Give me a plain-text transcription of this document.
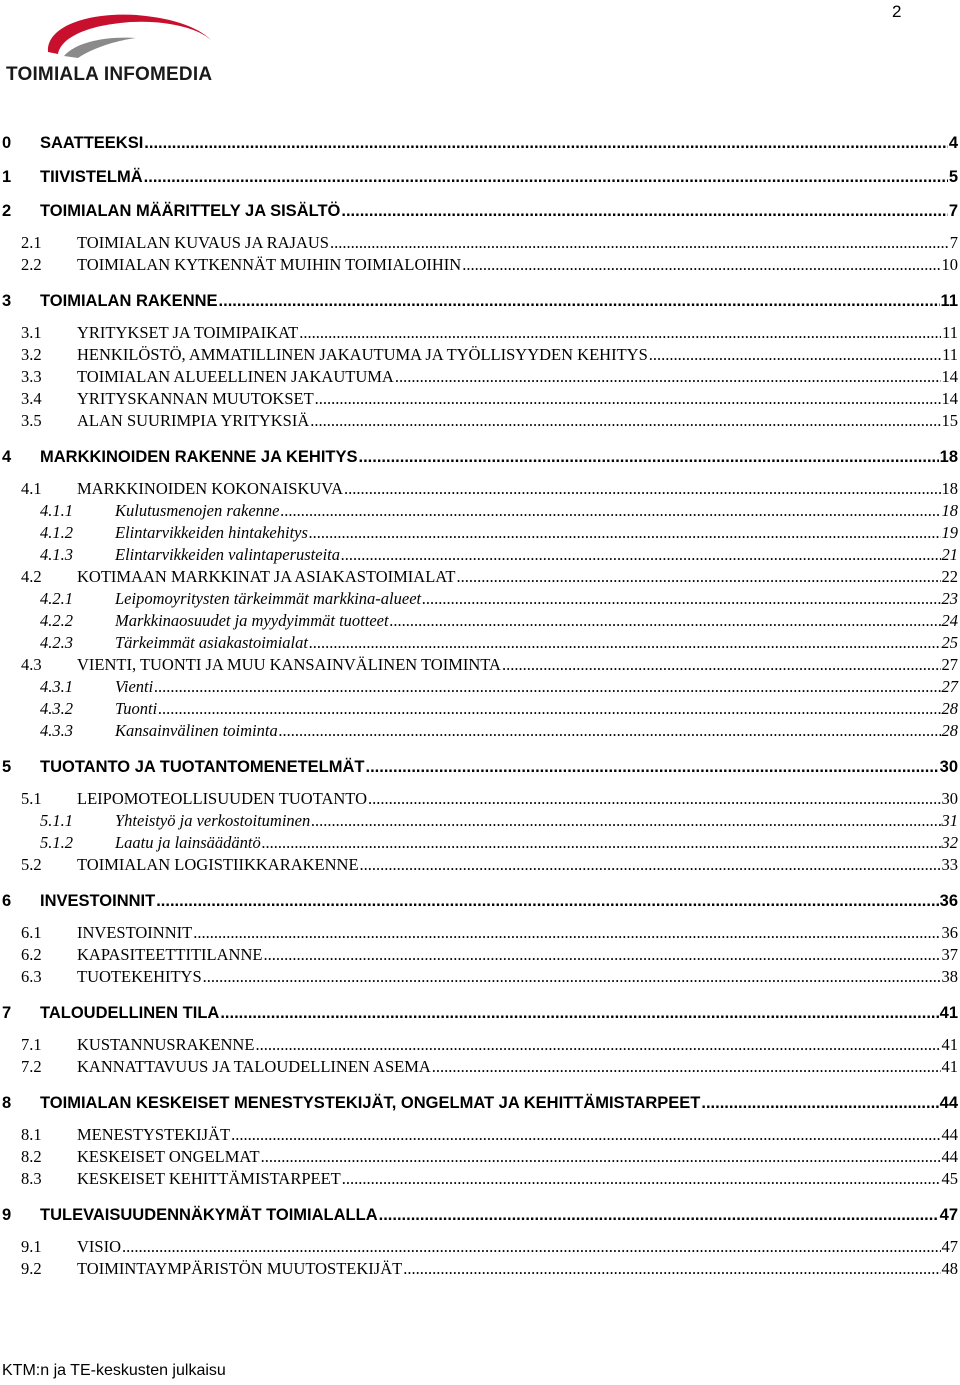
2
TOIMIALA INFOMEDIA
0	SAATTEEKSI .....	4
1	TIIVISTELMÄ .....	5
2	TOIMIALAN MÄÄRITTELY JA SISÄLTÖ .....	7
2.1	TOIMIALAN KUVAUS JA RAJAUS .....	7
2.2	TOIMIALAN KYTKENNÄT MUIHIN TOIMIALOIHIN .....	10
3	TOIMIALAN RAKENNE .....	11
3.1	YRITYKSET JA TOIMIPAIKAT .....	11
3.2	HENKILÖSTÖ, AMMATILLINEN JAKAUTUMA JA TYÖLLISYYDEN KEHITYS .....	11
3.3	TOIMIALAN ALUEELLINEN JAKAUTUMA .....	14
3.4	YRITYSKANNAN MUUTOKSET .....	14
3.5	ALAN SUURIMPIA YRITYKSIÄ .....	15
4	MARKKINOIDEN RAKENNE JA KEHITYS .....	18
4.1	MARKKINOIDEN KOKONAISKUVA .....	18
4.1.1	Kulutusmenojen rakenne .....	18
4.1.2	Elintarvikkeiden hintakehitys .....	19
4.1.3	Elintarvikkeiden valintaperusteita .....	21
4.2	KOTIMAAN MARKKINAT JA ASIAKASTOIMIALAT .....	22
4.2.1	Leipomoyritysten tärkeimmät markkina-alueet .....	23
4.2.2	Markkinaosuudet ja myydyimmät tuotteet .....	24
4.2.3	Tärkeimmät asiakastoimialat .....	25
4.3	VIENTI, TUONTI JA MUU KANSAINVÄLINEN TOIMINTA .....	27
4.3.1	Vienti .....	27
4.3.2	Tuonti .....	28
4.3.3	Kansainvälinen toiminta .....	28
5	TUOTANTO JA TUOTANTOMENETELMÄT .....	30
5.1	LEIPOMOTEOLLISUUDEN TUOTANTO .....	30
5.1.1	Yhteistyö ja verkostoituminen .....	31
5.1.2	Laatu ja lainsäädäntö .....	32
5.2	TOIMIALAN LOGISTIIKKARAKENNE .....	33
6	INVESTOINNIT .....	36
6.1	INVESTOINNIT .....	36
6.2	KAPASITEETTITILANNE .....	37
6.3	TUOTEKEHITYS .....	38
7	TALOUDELLINEN TILA .....	41
7.1	KUSTANNUSRAKENNE .....	41
7.2	KANNATTAVUUS JA TALOUDELLINEN ASEMA .....	41
8	TOIMIALAN KESKEISET MENESTYSTEKIJÄT, ONGELMAT JA KEHITTÄMISTARPEET .....	44
8.1	MENESTYSTEKIJÄT .....	44
8.2	KESKEISET ONGELMAT .....	44
8.3	KESKEISET KEHITTÄMISTARPEET .....	45
9	TULEVAISUUDENNÄKYMÄT TOIMIALALLA .....	47
9.1	VISIO .....	47
9.2	TOIMINTAYMPÄRISTÖN MUUTOSTEKIJÄT .....	48
KTM:n ja TE-keskusten julkaisu
